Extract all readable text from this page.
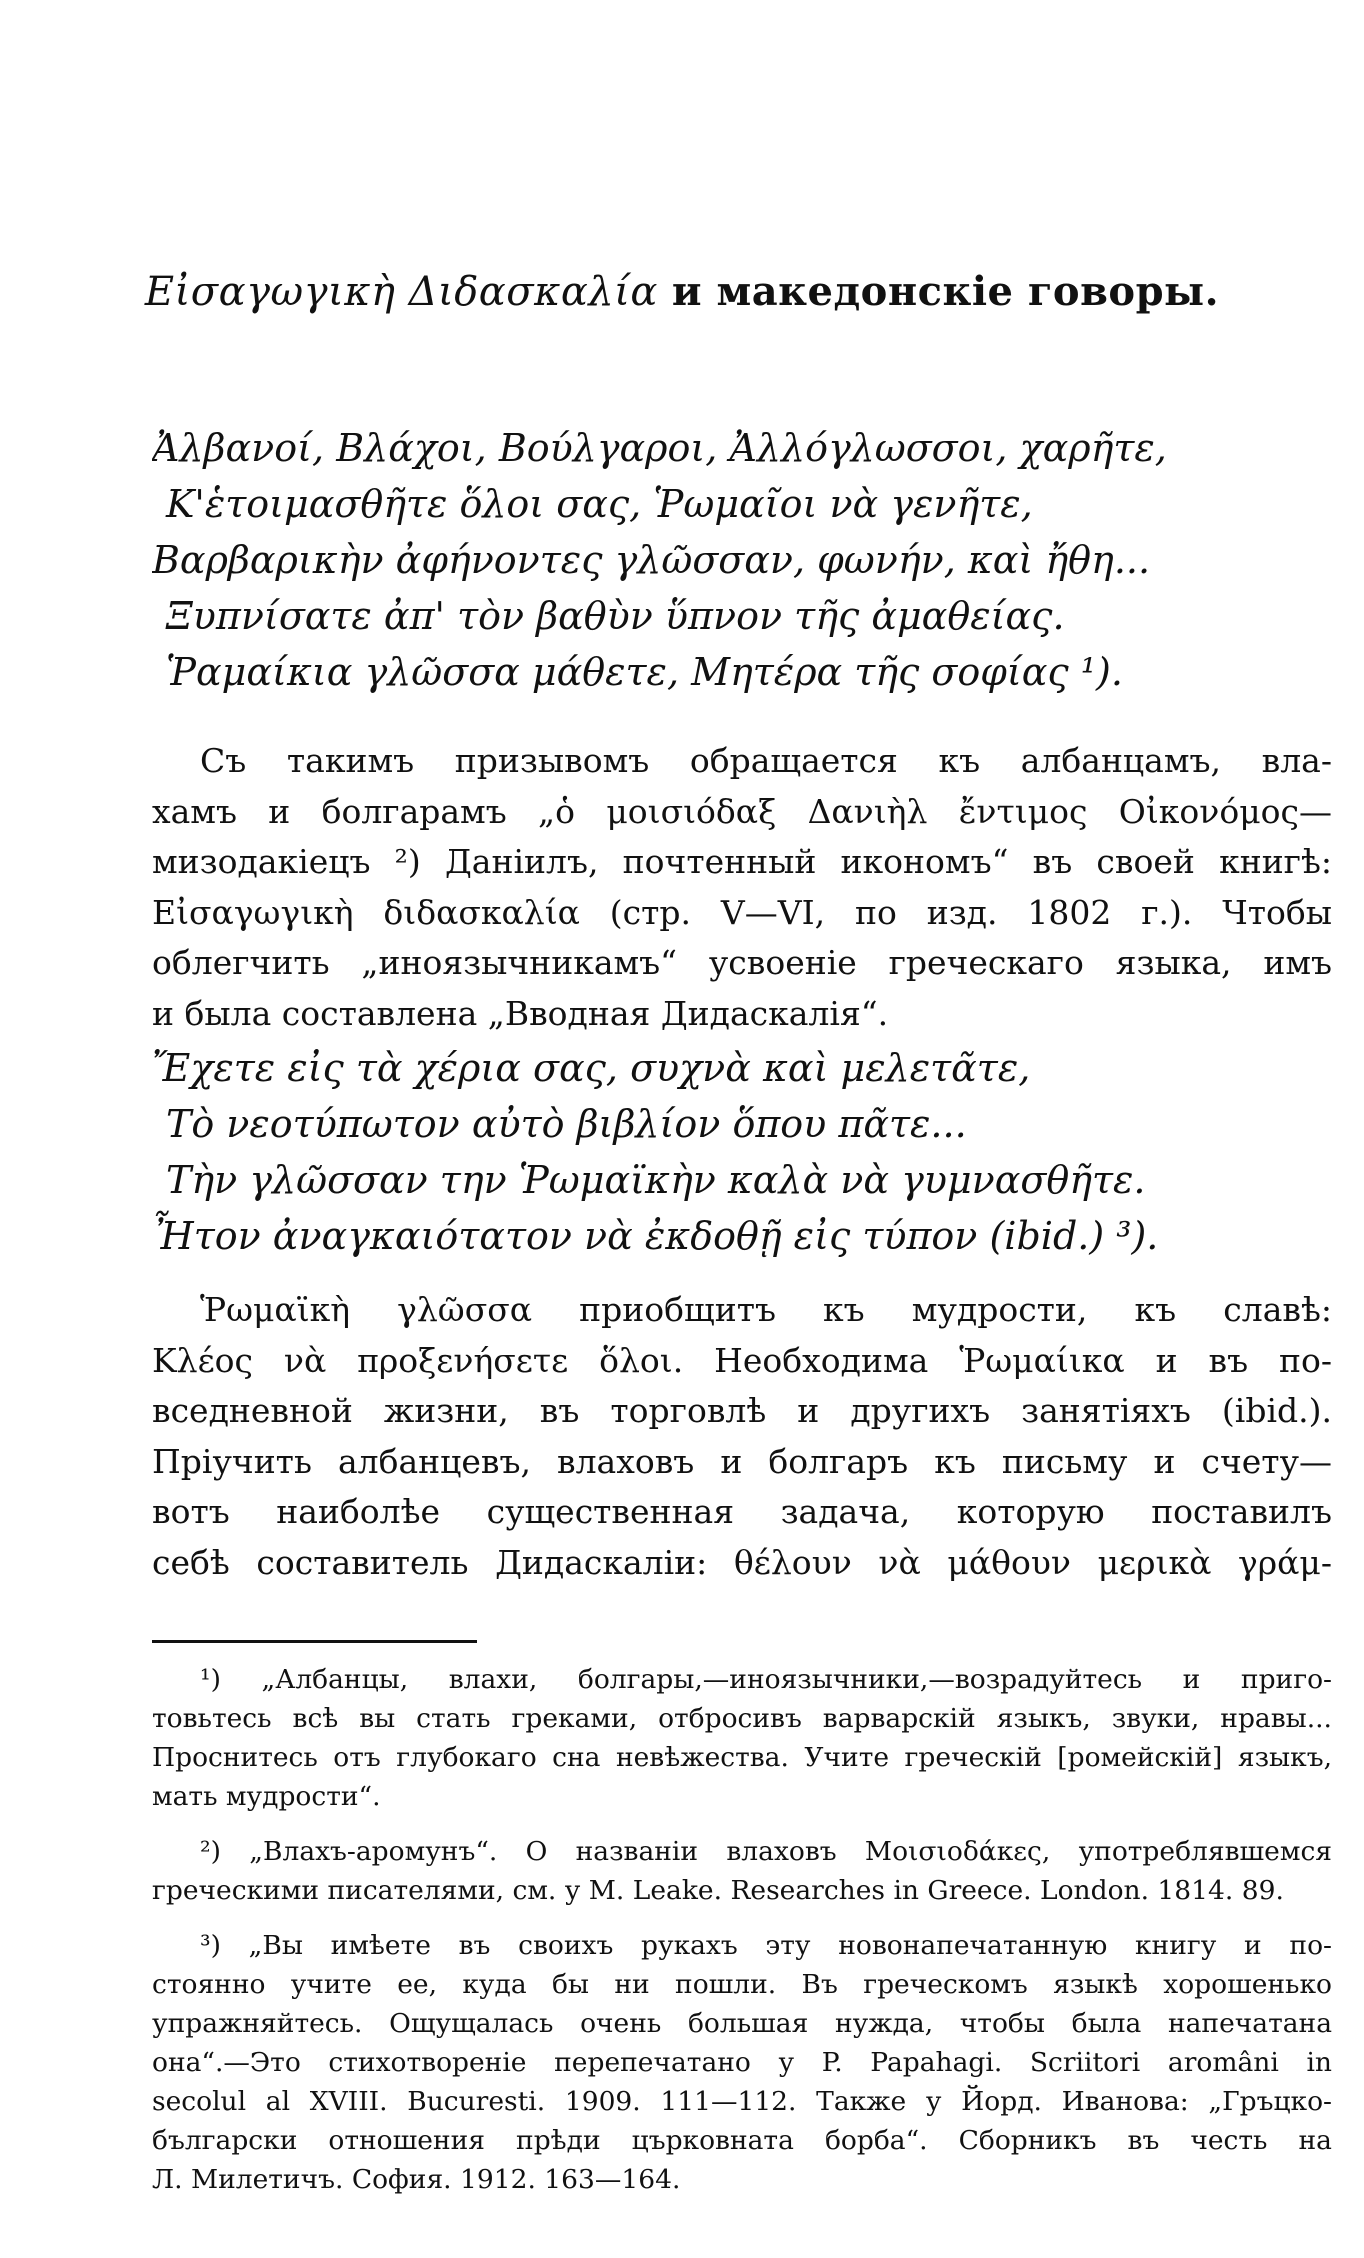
Εἰσαγωγικὴ Διδασκαλία и македонскіе говоры.
Ἀλβανοί, Βλάχοι, Βούλγαροι, Ἀλλόγλωσσοι, χαρῆτε,
Κ'ἑτοιμασθῆτε ὅλοι σας, Ῥωμαῖοι νὰ γενῆτε,
Βαρβαρικὴν ἀφήνοντες γλῶσσαν, φωνήν, καὶ ἤθη...
Ξυπνίσατε ἀπ' τὸν βαθὺν ὕπνον τῆς ἀμαθείας.
Ῥαμαίκια γλῶσσα μάθετε, Μητέρα τῆς σοφίας ¹).
Съ такимъ призывомъ обращается къ албанцамъ, вла-
хамъ и болгарамъ „ὁ μοισιόδαξ Δανιὴλ ἔντιμος Οἰκονόμος—
мизодакіецъ ²) Даніилъ, почтенный икономъ“ въ своей книгѣ:
Εἰσαγωγικὴ διδασκαλία (стр. V—VI, по изд. 1802 г.). Чтобы
облегчить „иноязычникамъ“ усвоеніе греческаго языка, имъ
и была составлена „Вводная Дидаскалія“.
Ἔχετε εἰς τὰ χέρια σας, συχνὰ καὶ μελετᾶτε,
Τὸ νεοτύπωτον αὐτὸ βιβλίον ὅπου πᾶτε...
Τὴν γλῶσσαν την Ῥωμαϊκὴν καλὰ νὰ γυμνασθῆτε.
Ἦτον ἀναγκαιότατον νὰ ἐκδοθῇ εἰς τύπον (ibid.) ³).
Ῥωμαϊκὴ γλῶσσα приобщитъ къ мудрости, къ славѣ:
Κλέος νὰ προξενήσετε ὅλοι. Необходима Ῥωμαίικα и въ по-
вседневной жизни, въ торговлѣ и другихъ занятіяхъ (ibid.).
Пріучить албанцевъ, влаховъ и болгаръ къ письму и счету—
вотъ наиболѣе существенная задача, которую поставилъ
себѣ составитель Дидаскаліи: θέλουν νὰ μάθουν μερικὰ γράμ-
¹) „Албанцы, влахи, болгары,—иноязычники,—возрадуйтесь и приго-
товьтесь всѣ вы стать греками, отбросивъ варварскій языкъ, звуки, нравы...
Проснитесь отъ глубокаго сна невѣжества. Учите греческій [ромейскій] языкъ,
мать мудрости“.
²) „Влахъ-аромунъ“. О названіи влаховъ Μοισιοδάκες, употреблявшемся
греческими писателями, см. у M. Leake. Researches in Greece. London. 1814. 89.
³) „Вы имѣете въ своихъ рукахъ эту новонапечатанную книгу и по-
стоянно учите ее, куда бы ни пошли. Въ греческомъ языкѣ хорошенько
упражняйтесь. Ощущалась очень большая нужда, чтобы была напечатана
она“.—Это стихотвореніе перепечатано у P. Papahagi. Scriitori aromâni in
secolul al XVIII. Bucuresti. 1909. 111—112. Также у Йорд. Иванова: „Гръцко-
български отношения прѣди църковната борба“. Сборникъ въ честь на
Л. Милетичъ. София. 1912. 163—164.
